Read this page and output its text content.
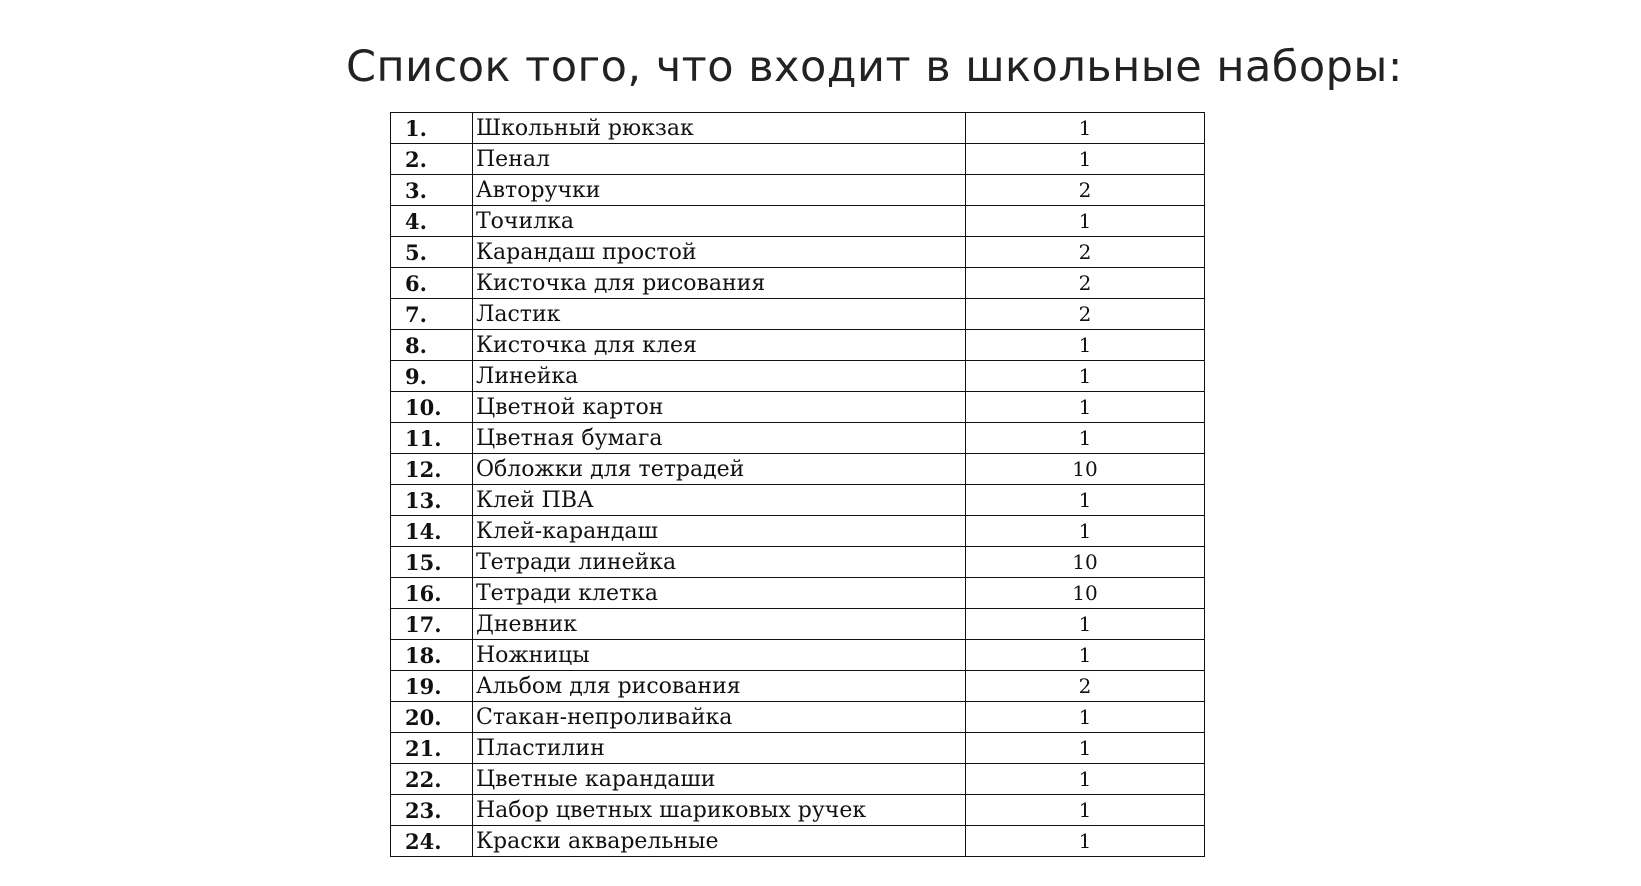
Список того, что входит в школьные наборы:
1.	Школьный рюкзак	1
2.	Пенал	1
3.	Авторучки	2
4.	Точилка	1
5.	Карандаш простой	2
6.	Кисточка для рисования	2
7.	Ластик	2
8.	Кисточка для клея	1
9.	Линейка	1
10.	Цветной картон	1
11.	Цветная бумага	1
12.	Обложки для тетрадей	10
13.	Клей ПВА	1
14.	Клей-карандаш	1
15.	Тетради линейка	10
16.	Тетради клетка	10
17.	Дневник	1
18.	Ножницы	1
19.	Альбом для рисования	2
20.	Стакан-непроливайка	1
21.	Пластилин	1
22.	Цветные карандаши	1
23.	Набор цветных шариковых ручек	1
24.	Краски акварельные	1
